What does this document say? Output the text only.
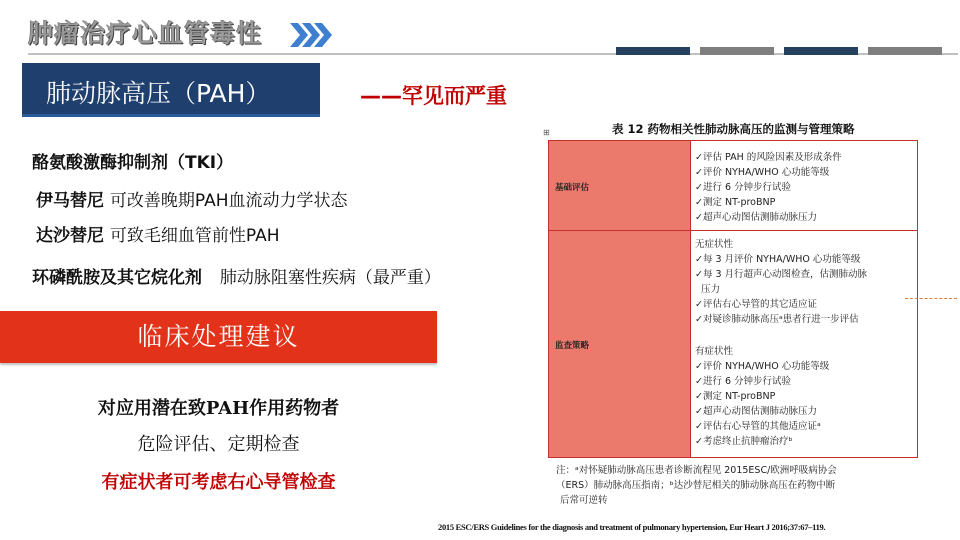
肿瘤治疗心血管毒性
肺动脉高压（PAH）	——罕见而严重
酪氨酸激酶抑制剂（TKI）
伊马替尼 可改善晚期PAH血流动力学状态
达沙替尼 可致毛细血管前性PAH
环磷酰胺及其它烷化剂 肺动脉阻塞性疾病（最严重）
临床处理建议
对应用潜在致PAH作用药物者
危险评估、定期检查
有症状者可考虑右心导管检查
⊞	表 12 药物相关性肺动脉高压的监测与管理策略
基础评估
✓评估 PAH 的风险因素及形成条件
✓评价 NYHA/WHO 心功能等级
✓进行 6 分钟步行试验
✓测定 NT-proBNP
✓超声心动图估测肺动脉压力
监查策略
无症状性
✓每 3 月评价 NYHA/WHO 心功能等级
✓每 3 月行超声心动图检查，估测肺动脉
压力
✓评估右心导管的其它适应证
✓对疑诊肺动脉高压ᵃ患者行进一步评估
有症状性
✓评价 NYHA/WHO 心功能等级
✓进行 6 分钟步行试验
✓测定 NT-proBNP
✓超声心动图估测肺动脉压力
✓评估右心导管的其他适应证ᵃ
✓考虑终止抗肿瘤治疗ᵇ
注：ᵃ对怀疑肺动脉高压患者诊断流程见 2015ESC/欧洲呼吸病协会
（ERS）肺动脉高压指南；ᵇ达沙替尼相关的肺动脉高压在药物中断
后常可逆转
2015 ESC/ERS Guidelines for the diagnosis and treatment of pulmonary hypertension, Eur Heart J 2016;37:67–119.
